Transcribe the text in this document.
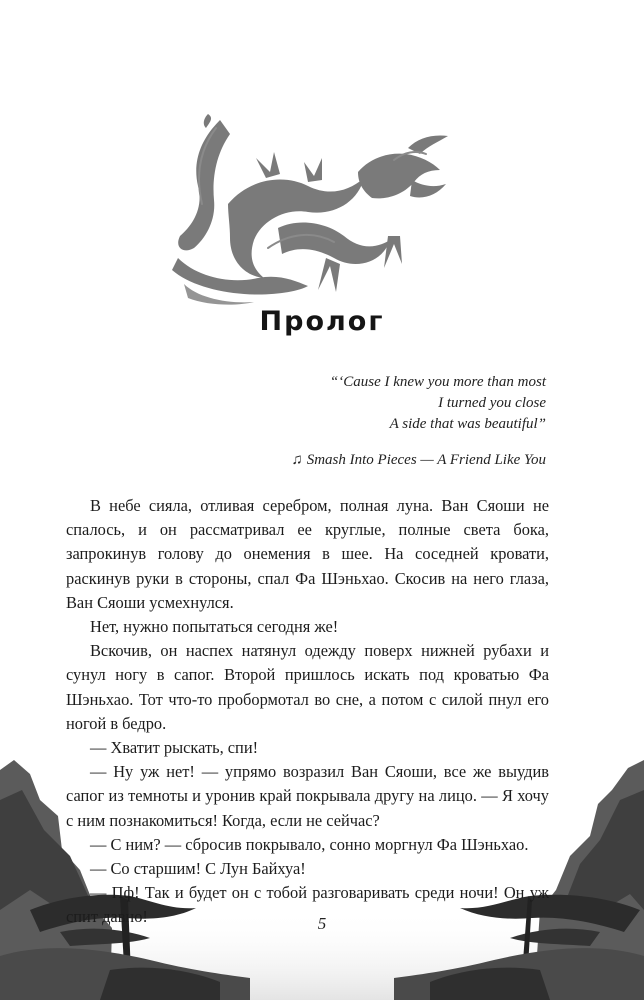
Пролог
“‘Cause I knew you more than most
I turned you close
A side that was beautiful”
♫ Smash Into Pieces — A Friend Like You

В небе сияла, отливая серебром, полная луна. Ван Сяоши не спалось, и он рассматривал ее круглые, полные света бока, запрокинув голову до онемения в шее. На соседней кровати, раскинув руки в стороны, спал Фа Шэньхао. Скосив на него глаза, Ван Сяоши усмехнулся.

Нет, нужно попытаться сегодня же!

Вскочив, он наспех натянул одежду поверх нижней рубахи и сунул ногу в сапог. Второй пришлось искать под кроватью Фа Шэньхао. Тот что-то пробормотал во сне, а потом с силой пнул его ногой в бедро.

— Хватит рыскать, спи!

— Ну уж нет! — упрямо возразил Ван Сяоши, все же выудив сапог из темноты и уронив край покрывала другу на лицо. — Я хочу с ним познакомиться! Когда, если не сейчас?

— С ним? — сбросив покрывало, сонно моргнул Фа Шэньхао.

— Со старшим! С Лун Байхуа!

— Пф! Так и будет он с тобой разговаривать среди ночи! Он уж спит давно!	5
